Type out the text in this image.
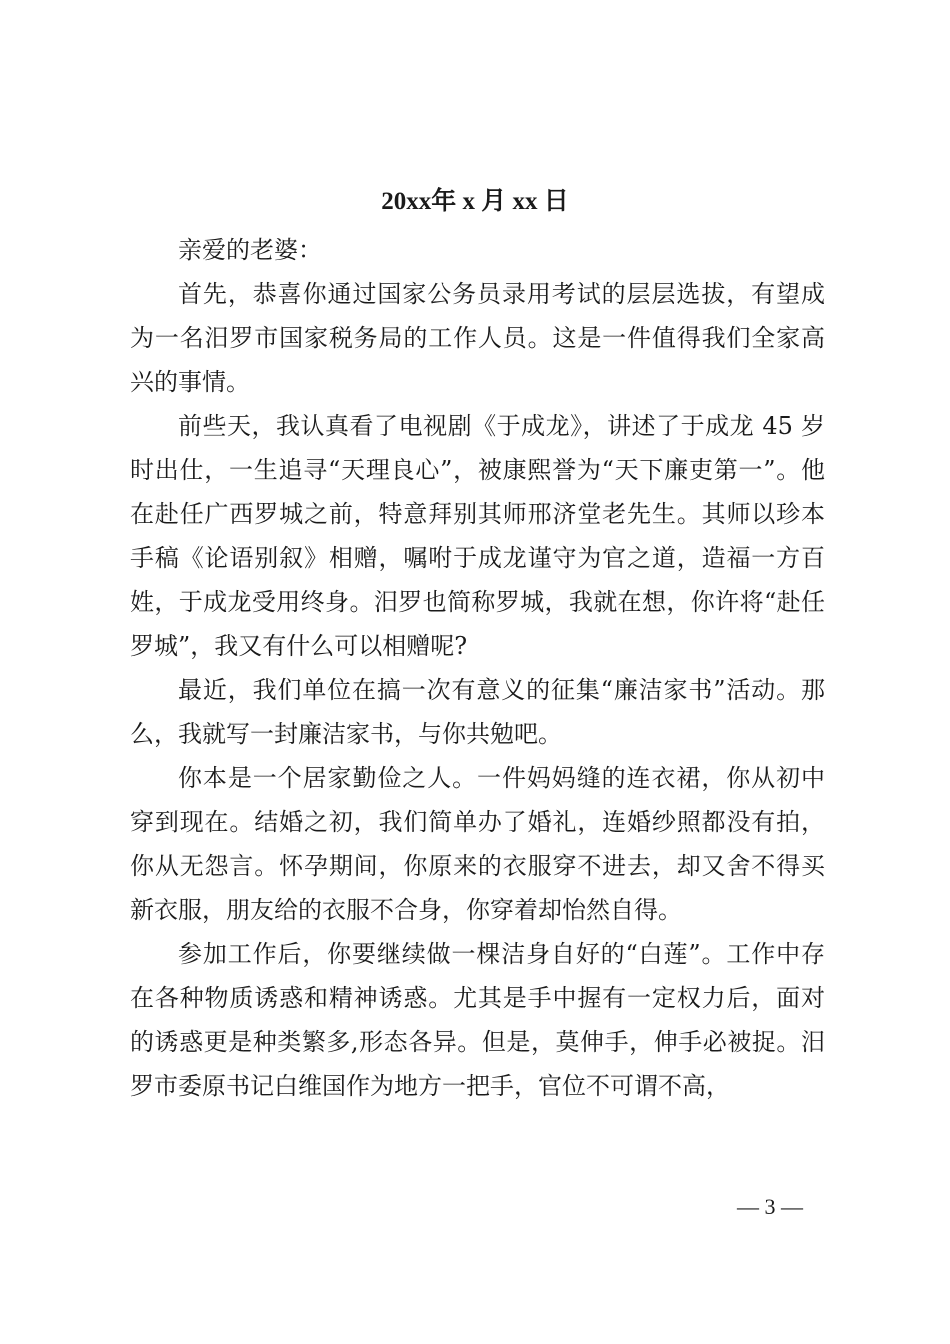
20xx年 x 月 xx 日

亲爱的老婆：

首先，恭喜你通过国家公务员录用考试的层层选拔，有望成为一名汨罗市国家税务局的工作人员。这是一件值得我们全家高兴的事情。

前些天，我认真看了电视剧《于成龙》，讲述了于成龙 45 岁时出仕，一生追寻“天理良心”，被康熙誉为“天下廉吏第一”。他在赴任广西罗城之前，特意拜别其师邢济堂老先生。其师以珍本手稿《论语别叙》相赠，嘱咐于成龙谨守为官之道，造福一方百姓，于成龙受用终身。汨罗也简称罗城，我就在想，你许将“赴任罗城”，我又有什么可以相赠呢?

最近，我们单位在搞一次有意义的征集“廉洁家书”活动。那么，我就写一封廉洁家书，与你共勉吧。

你本是一个居家勤俭之人。一件妈妈缝的连衣裙，你从初中穿到现在。结婚之初，我们简单办了婚礼，连婚纱照都没有拍，你从无怨言。怀孕期间，你原来的衣服穿不进去，却又舍不得买新衣服，朋友给的衣服不合身，你穿着却怡然自得。

参加工作后，你要继续做一棵洁身自好的“白莲”。工作中存在各种物质诱惑和精神诱惑。尤其是手中握有一定权力后，面对的诱惑更是种类繁多,形态各异。但是，莫伸手，伸手必被捉。汨罗市委原书记白维国作为地方一把手，官位不可谓不高，

— 3 —
